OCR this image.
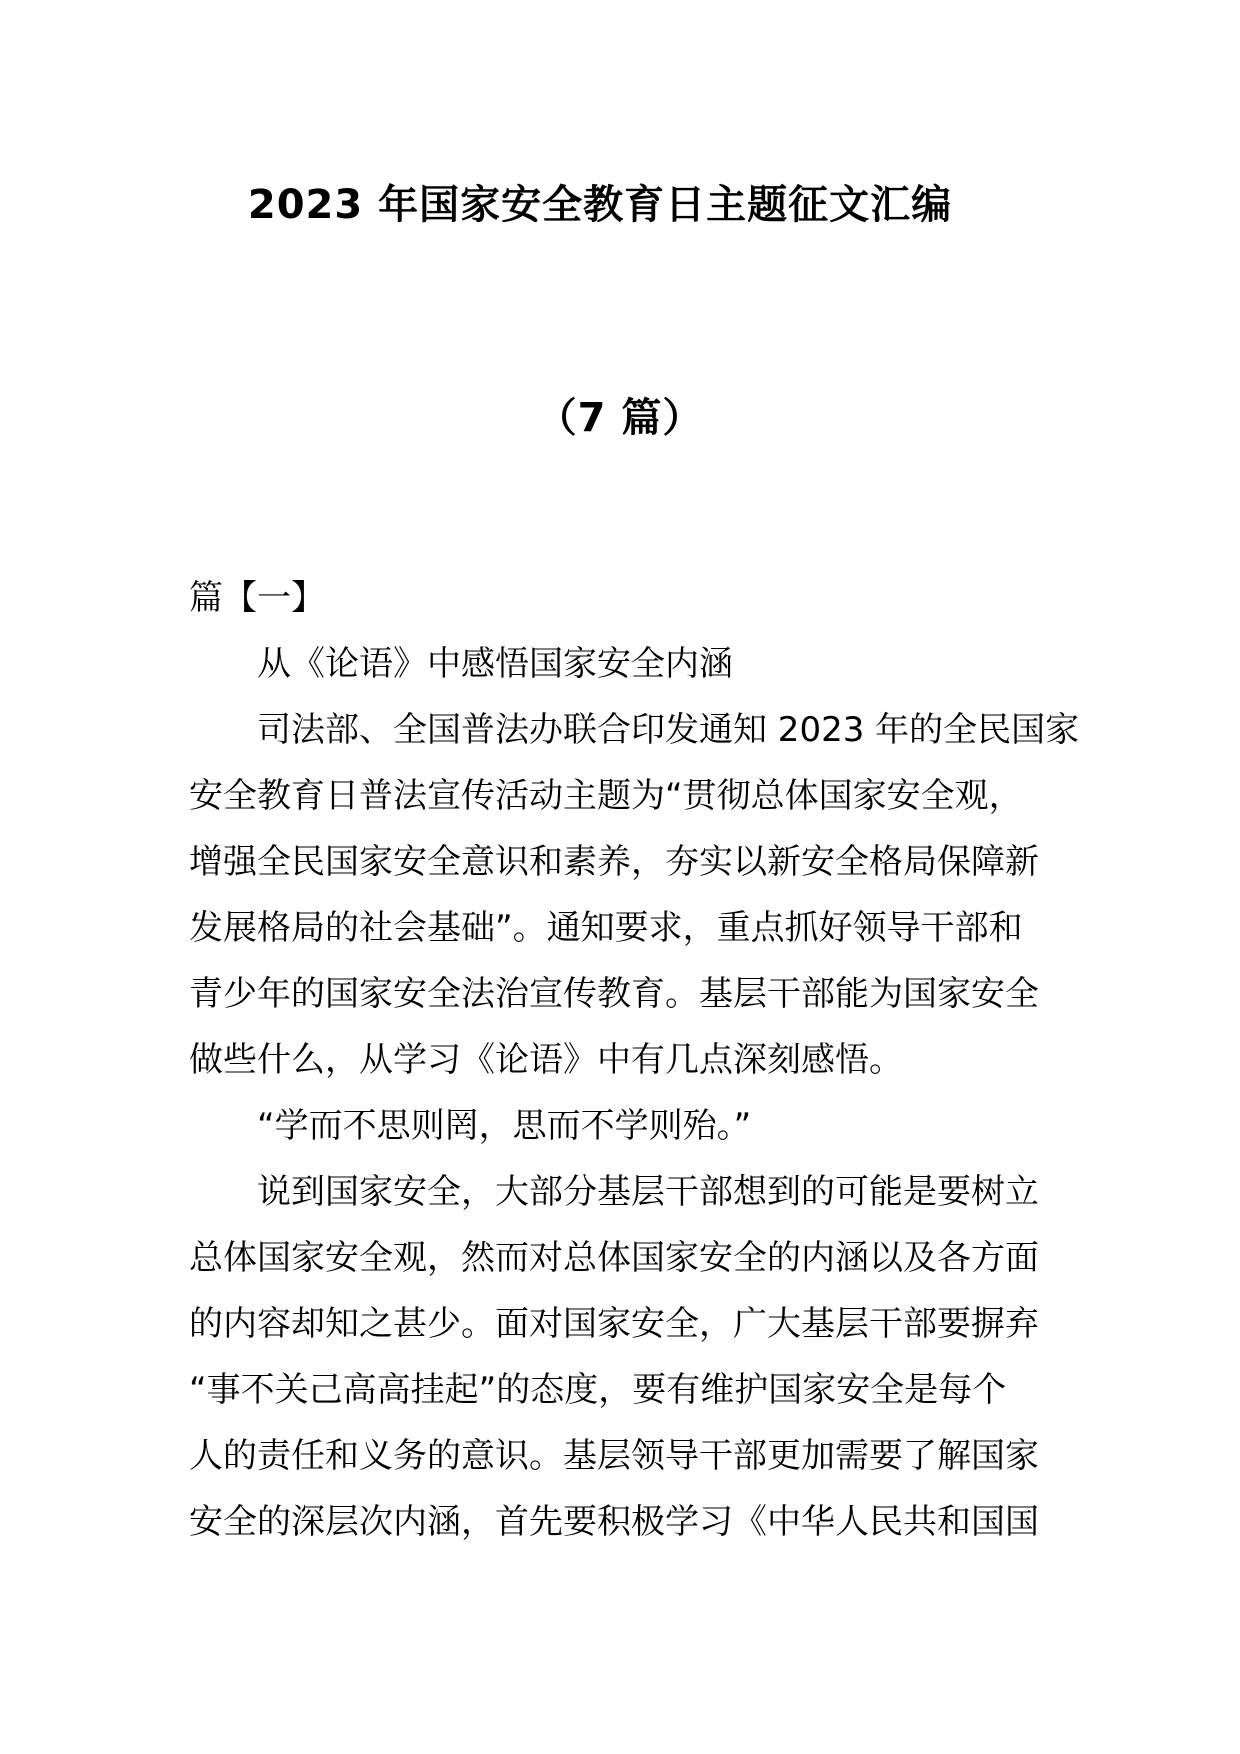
2023 年国家安全教育日主题征文汇编
（7 篇）
篇【一】
从《论语》中感悟国家安全内涵
司法部、全国普法办联合印发通知 2023 年的全民国家
安全教育日普法宣传活动主题为“贯彻总体国家安全观，
增强全民国家安全意识和素养，夯实以新安全格局保障新
发展格局的社会基础”。通知要求，重点抓好领导干部和
青少年的国家安全法治宣传教育。基层干部能为国家安全
做些什么，从学习《论语》中有几点深刻感悟。
“学而不思则罔，思而不学则殆。”
说到国家安全，大部分基层干部想到的可能是要树立
总体国家安全观，然而对总体国家安全的内涵以及各方面
的内容却知之甚少。面对国家安全，广大基层干部要摒弃
“事不关己高高挂起”的态度，要有维护国家安全是每个
人的责任和义务的意识。基层领导干部更加需要了解国家
安全的深层次内涵，首先要积极学习《中华人民共和国国
